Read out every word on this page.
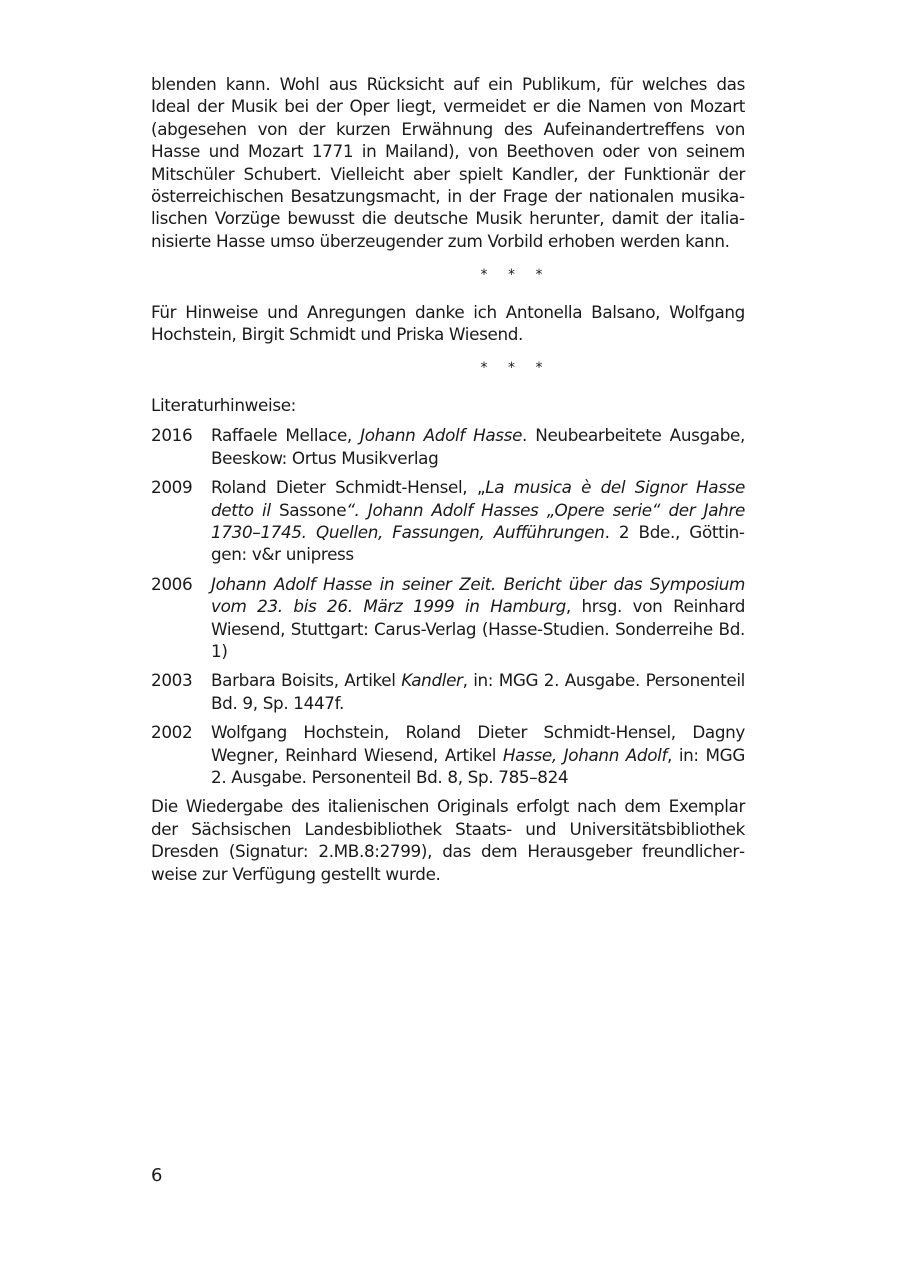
blenden kann. Wohl aus Rücksicht auf ein Publikum, für welches das Ideal der Musik bei der Oper liegt, vermeidet er die Namen von Mozart (abgesehen von der kurzen Erwähnung des Aufeinandertreffens von Hasse und Mozart 1771 in Mailand), von Beethoven oder von seinem Mitschüler Schubert. Vielleicht aber spielt Kandler, der Funktionär der österreichischen Besatzungsmacht, in der Frage der nationalen musikalischen Vorzüge bewusst die deutsche Musik herunter, damit der italianisierte Hasse umso überzeugender zum Vorbild erhoben werden kann.

* * *

Für Hinweise und Anregungen danke ich Antonella Balsano, Wolfgang Hochstein, Birgit Schmidt und Priska Wiesend.

* * *

Literaturhinweise:

2016	Raffaele Mellace, Johann Adolf Hasse. Neubearbeitete Ausgabe, Beeskow: Ortus Musikverlag
2009	Roland Dieter Schmidt-Hensel, „La musica è del Signor Hasse detto il Sassone“. Johann Adolf Hasses „Opere serie“ der Jahre 1730–1745. Quellen, Fassungen, Aufführungen. 2 Bde., Göttingen: v&r unipress
2006	Johann Adolf Hasse in seiner Zeit. Bericht über das Symposium vom 23. bis 26. März 1999 in Hamburg, hrsg. von Reinhard Wiesend, Stuttgart: Carus-Verlag (Hasse-Studien. Sonderreihe Bd. 1)
2003	Barbara Boisits, Artikel Kandler, in: MGG 2. Ausgabe. Personenteil Bd. 9, Sp. 1447f.
2002	Wolfgang Hochstein, Roland Dieter Schmidt-Hensel, Dagny Wegner, Reinhard Wiesend, Artikel Hasse, Johann Adolf, in: MGG 2. Ausgabe. Personenteil Bd. 8, Sp. 785–824

Die Wiedergabe des italienischen Originals erfolgt nach dem Exemplar der Sächsischen Landesbibliothek Staats- und Universitätsbibliothek Dresden (Signatur: 2.MB.8:2799), das dem Herausgeber freundlicherweise zur Verfügung gestellt wurde.

6
